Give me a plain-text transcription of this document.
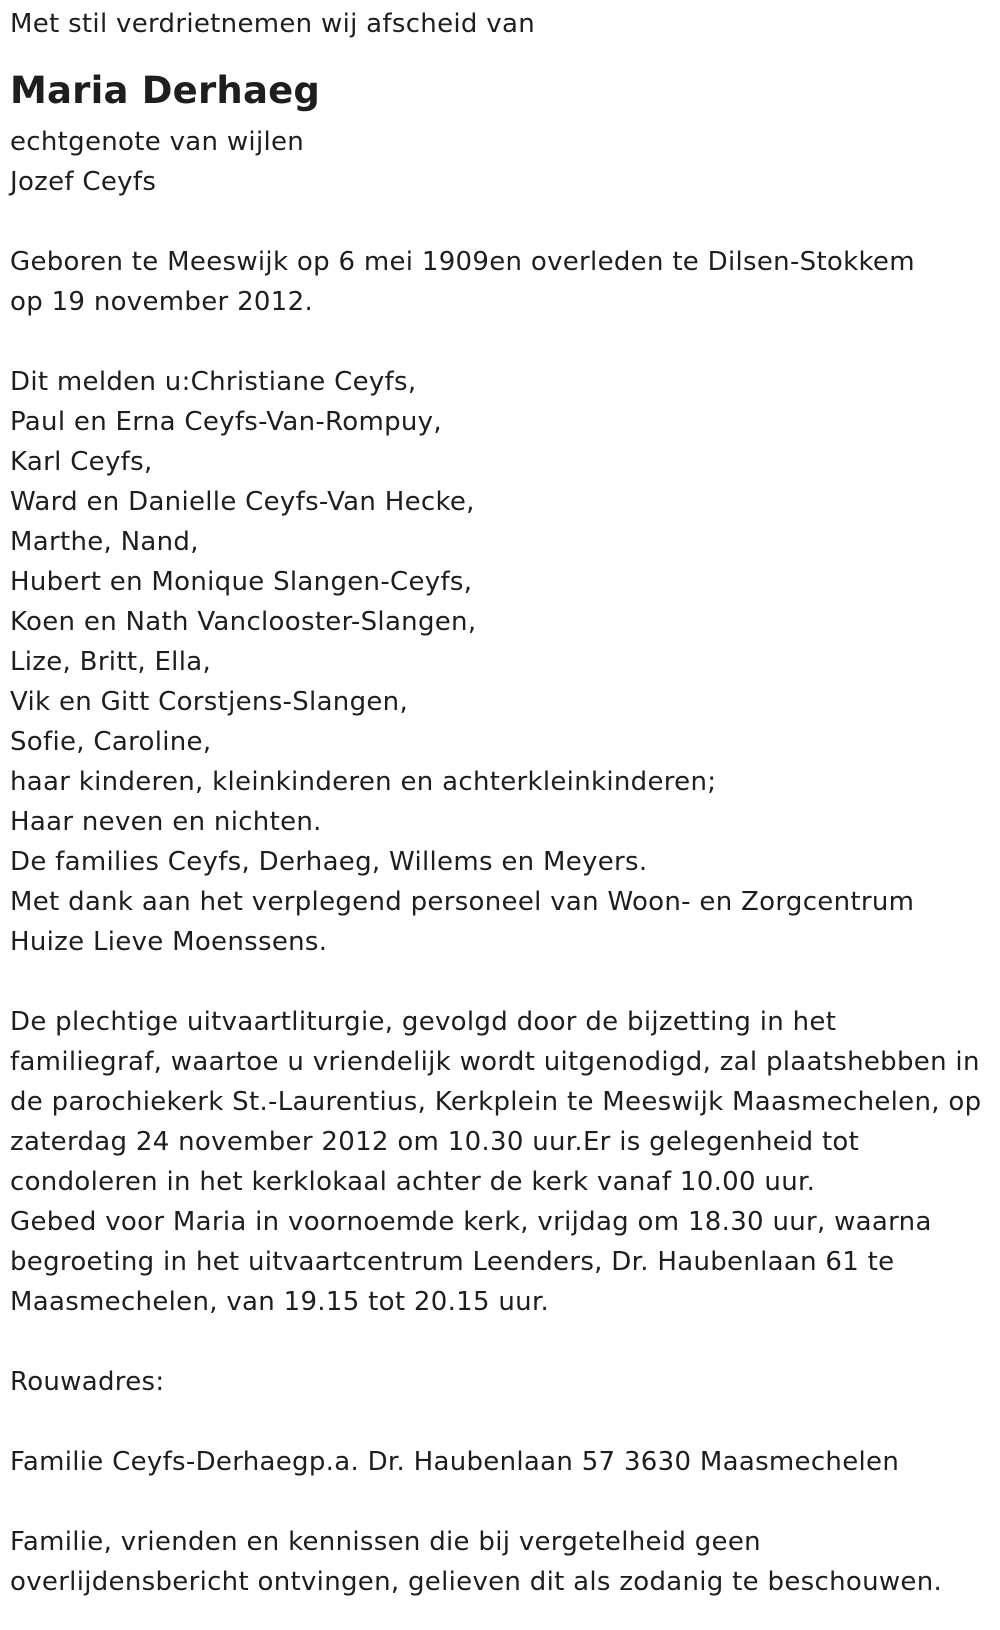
Met stil verdrietnemen wij afscheid van
Maria Derhaeg
echtgenote van wijlen
Jozef Ceyfs
Geboren te Meeswijk op 6 mei 1909en overleden te Dilsen-Stokkem
op 19 november 2012.
Dit melden u:Christiane Ceyfs,
Paul en Erna Ceyfs-Van-Rompuy,
Karl Ceyfs,
Ward en Danielle Ceyfs-Van Hecke,
Marthe, Nand,
Hubert en Monique Slangen-Ceyfs,
Koen en Nath Vanclooster-Slangen,
Lize, Britt, Ella,
Vik en Gitt Corstjens-Slangen,
Sofie, Caroline,
haar kinderen, kleinkinderen en achterkleinkinderen;
Haar neven en nichten.
De families Ceyfs, Derhaeg, Willems en Meyers.
Met dank aan het verplegend personeel van Woon- en Zorgcentrum
Huize Lieve Moenssens.
De plechtige uitvaartliturgie, gevolgd door de bijzetting in het
familiegraf, waartoe u vriendelijk wordt uitgenodigd, zal plaatshebben in
de parochiekerk St.-Laurentius, Kerkplein te Meeswijk Maasmechelen, op
zaterdag 24 november 2012 om 10.30 uur.Er is gelegenheid tot
condoleren in het kerklokaal achter de kerk vanaf 10.00 uur.
Gebed voor Maria in voornoemde kerk, vrijdag om 18.30 uur, waarna
begroeting in het uitvaartcentrum Leenders, Dr. Haubenlaan 61 te
Maasmechelen, van 19.15 tot 20.15 uur.
Rouwadres:
Familie Ceyfs-Derhaegp.a. Dr. Haubenlaan 57 3630 Maasmechelen
Familie, vrienden en kennissen die bij vergetelheid geen
overlijdensbericht ontvingen, gelieven dit als zodanig te beschouwen.
